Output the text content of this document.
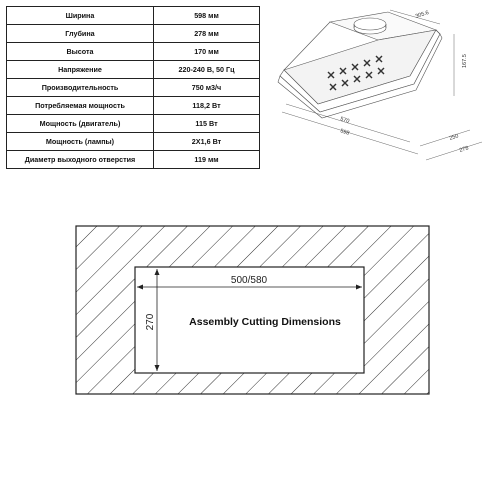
Ширина	598 мм
Глубина	278 мм
Высота	170 мм
Напряжение	220-240 В, 50 Гц
Производительность	750 м3/ч
Потребляемая мощность	118,2 Вт
Мощность (двигатель)	115 Вт
Мощность (лампы)	2Х1,6 Вт
Диаметр выходного отверстия	119 мм
305.6
167.5
570
598
250
278
500/580
270	Assembly Cutting Dimensions
